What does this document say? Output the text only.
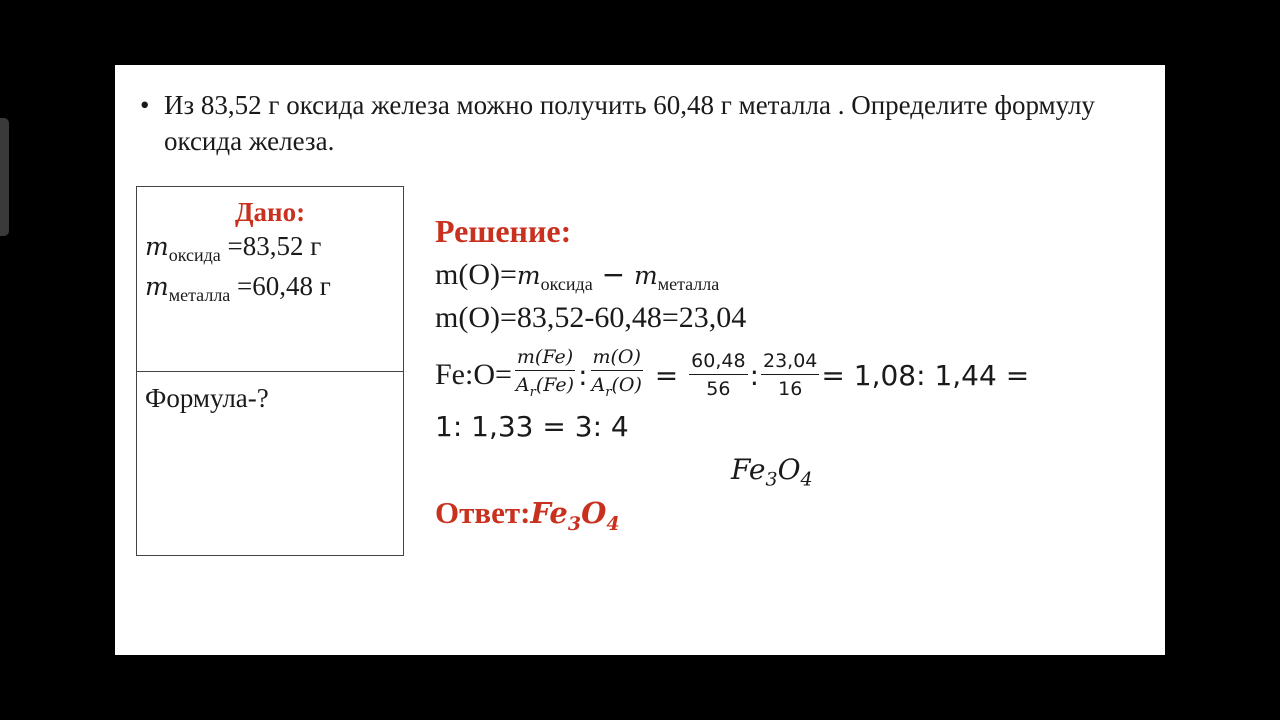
• Из 83,52 г оксида железа можно получить 60,48 г металла . Определите формулу оксида железа.
Дано:
$m_{оксида} =83,52$ г
$m_{металла} =60,48$ г
Формула-?
Решение:
$m(O)=m_{оксида} - m_{металла}$
m(O)=83,52-60,48=23,04
Fe:O= $\frac{m(Fe)}{A_r(Fe)}$ : $\frac{m(O)}{A_r(O)} = \frac{60,48}{56}$ : $\frac{23,04}{16} = 1,08$: 1,44 =
1: 1,33 = 3: 4
$Fe_3O_4$
$Ответ:Fe_3O_4$
